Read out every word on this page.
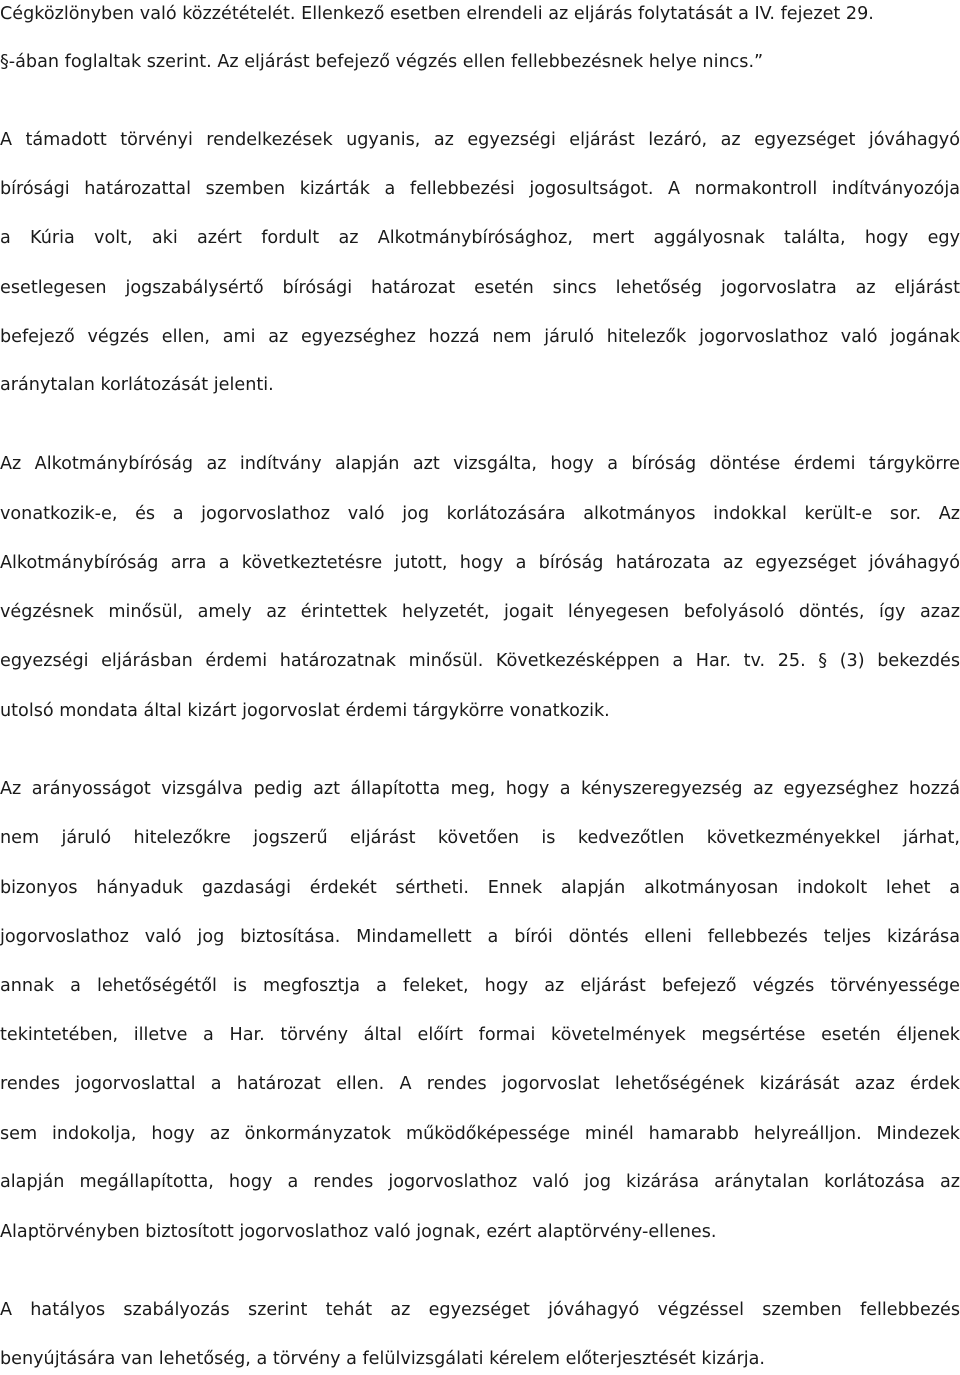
Cégközlönyben való közzétételét. Ellenkező esetben elrendeli az eljárás folytatását a IV. fejezet 29.
§-ában foglaltak szerint. Az eljárást befejező végzés ellen fellebbezésnek helye nincs.”
A támadott törvényi rendelkezések ugyanis, az egyezségi eljárást lezáró, az egyezséget jóváhagyó
bírósági határozattal szemben kizárták a fellebbezési jogosultságot. A normakontroll indítványozója
a Kúria volt, aki azért fordult az Alkotmánybírósághoz, mert aggályosnak találta, hogy egy
esetlegesen jogszabálysértő bírósági határozat esetén sincs lehetőség jogorvoslatra az eljárást
befejező végzés ellen, ami az egyezséghez hozzá nem járuló hitelezők jogorvoslathoz való jogának
aránytalan korlátozását jelenti.
Az Alkotmánybíróság az indítvány alapján azt vizsgálta, hogy a bíróság döntése érdemi tárgykörre
vonatkozik-e, és a jogorvoslathoz való jog korlátozására alkotmányos indokkal került-e sor. Az
Alkotmánybíróság arra a következtetésre jutott, hogy a bíróság határozata az egyezséget jóváhagyó
végzésnek minősül, amely az érintettek helyzetét, jogait lényegesen befolyásoló döntés, így azaz
egyezségi eljárásban érdemi határozatnak minősül. Következésképpen a Har. tv. 25. § (3) bekezdés
utolsó mondata által kizárt jogorvoslat érdemi tárgykörre vonatkozik.
Az arányosságot vizsgálva pedig azt állapította meg, hogy a kényszeregyezség az egyezséghez hozzá
nem járuló hitelezőkre jogszerű eljárást követően is kedvezőtlen következményekkel járhat,
bizonyos hányaduk gazdasági érdekét sértheti. Ennek alapján alkotmányosan indokolt lehet a
jogorvoslathoz való jog biztosítása. Mindamellett a bírói döntés elleni fellebbezés teljes kizárása
annak a lehetőségétől is megfosztja a feleket, hogy az eljárást befejező végzés törvényessége
tekintetében, illetve a Har. törvény által előírt formai követelmények megsértése esetén éljenek
rendes jogorvoslattal a határozat ellen. A rendes jogorvoslat lehetőségének kizárását azaz érdek
sem indokolja, hogy az önkormányzatok működőképessége minél hamarabb helyreálljon. Mindezek
alapján megállapította, hogy a rendes jogorvoslathoz való jog kizárása aránytalan korlátozása az
Alaptörvényben biztosított jogorvoslathoz való jognak, ezért alaptörvény-ellenes.
A hatályos szabályozás szerint tehát az egyezséget jóváhagyó végzéssel szemben fellebbezés
benyújtására van lehetőség, a törvény a felülvizsgálati kérelem előterjesztését kizárja.
